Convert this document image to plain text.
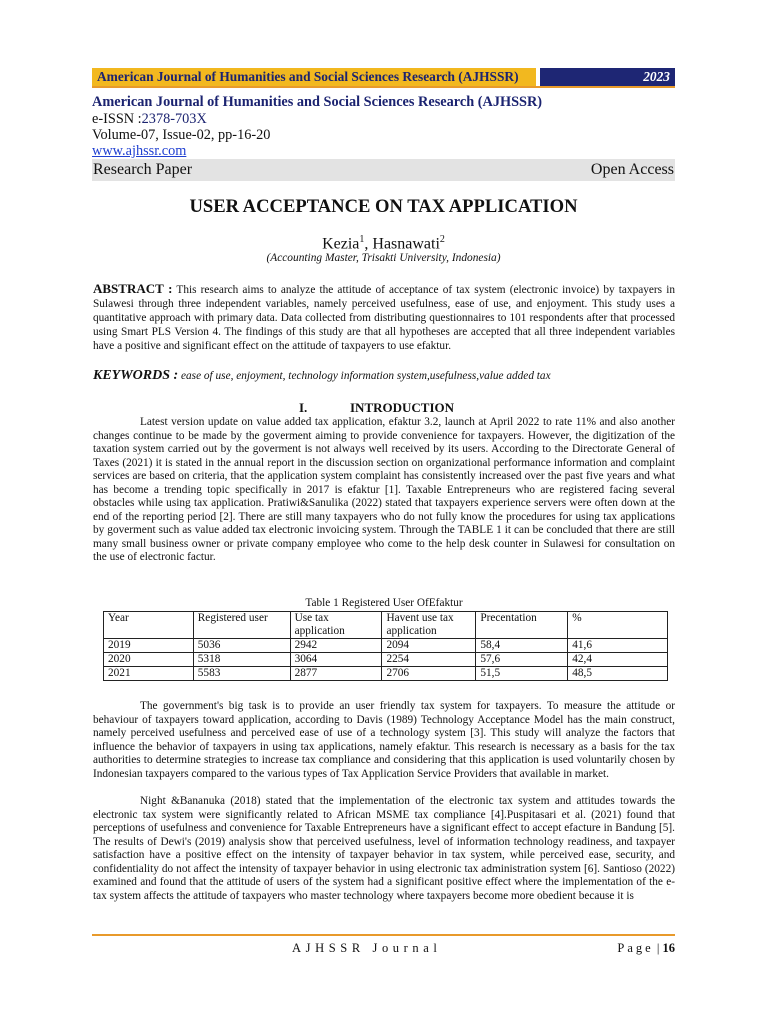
American Journal of Humanities and Social Sciences Research (AJHSSR)	2023
American Journal of Humanities and Social Sciences Research (AJHSSR)
e-ISSN :2378-703X
Volume-07, Issue-02, pp-16-20
www.ajhssr.com
Research Paper	Open Access
USER ACCEPTANCE ON TAX APPLICATION
Kezia$^1$, Hasnawati$^2$
(Accounting Master, Trisakti University, Indonesia)
ABSTRACT : This research aims to analyze the attitude of acceptance of tax system (electronic invoice) by taxpayers in Sulawesi through three independent variables, namely perceived usefulness, ease of use, and enjoyment. This study uses a quantitative approach with primary data. Data collected from distributing questionnaires to 101 respondents after that processed using Smart PLS Version 4. The findings of this study are that all hypotheses are accepted that all three independent variables have a positive and significant effect on the attitude of taxpayers to use efaktur.
KEYWORDS : ease of use, enjoyment, technology information system,usefulness,value added tax
I.	INTRODUCTION

Latest version update on value added tax application, efaktur 3.2, launch at April 2022 to rate 11% and also another changes continue to be made by the goverment aiming to provide convenience for taxpayers. However, the digitization of the taxation system carried out by the goverment is not always well received by its users. According to the Directorate General of Taxes (2021) it is stated in the annual report in the discussion section on organizational performance information and complaint services are based on criteria, that the application system complaint has consistently increased over the past five years and what has become a trending topic specifically in 2017 is efaktur [1]. Taxable Entrepreneurs who are registered facing several obstacles while using tax application. Pratiwi&Sanulika (2022) stated that taxpayers experience servers were often down at the end of the reporting period [2]. There are still many taxpayers who do not fully know the procedures for using tax applications by goverment such as value added tax electronic invoicing system. Through the TABLE 1 it can be concluded that there are still many small business owner or private company employee who come to the help desk counter in Sulawesi for consultation on the use of electronic factur.

Table 1 Registered User OfEfaktur
Year	Registered user	Use tax application	Havent use tax application	Precentation	%
2019	5036	2942	2094	58,4	41,6
2020	5318	3064	2254	57,6	42,4
2021	5583	2877	2706	51,5	48,5

The government's big task is to provide an user friendly tax system for taxpayers. To measure the attitude or behaviour of taxpayers toward application, according to Davis (1989) Technology Acceptance Model has the main construct, namely perceived usefulness and perceived ease of use of a technology system [3]. This study will analyze the factors that influence the behavior of taxpayers in using tax applications, namely efaktur. This research is necessary as a basis for the tax authorities to determine strategies to increase tax compliance and considering that this application is used voluntarily chosen by Indonesian taxpayers compared to the various types of Tax Application Service Providers that available in market.

Night &Bananuka (2018) stated that the implementation of the electronic tax system and attitudes towards the electronic tax system were significantly related to African MSME tax compliance [4].Puspitasari et al. (2021) found that perceptions of usefulness and convenience for Taxable Entrepreneurs have a significant effect to accept efacture in Bandung [5]. The results of Dewi's (2019) analysis show that perceived usefulness, level of information technology readiness, and taxpayer satisfaction have a positive effect on the intensity of taxpayer behavior in tax system, while perceived ease, security, and confidentiality do not affect the intensity of taxpayer behavior in using electronic tax administration system [6]. Santioso (2022) examined and found that the attitude of users of the system had a significant positive effect where the implementation of the e-tax system affects the attitude of taxpayers who master technology where taxpayers become more obedient because it is

AJHSSR Journal	Page | 16
